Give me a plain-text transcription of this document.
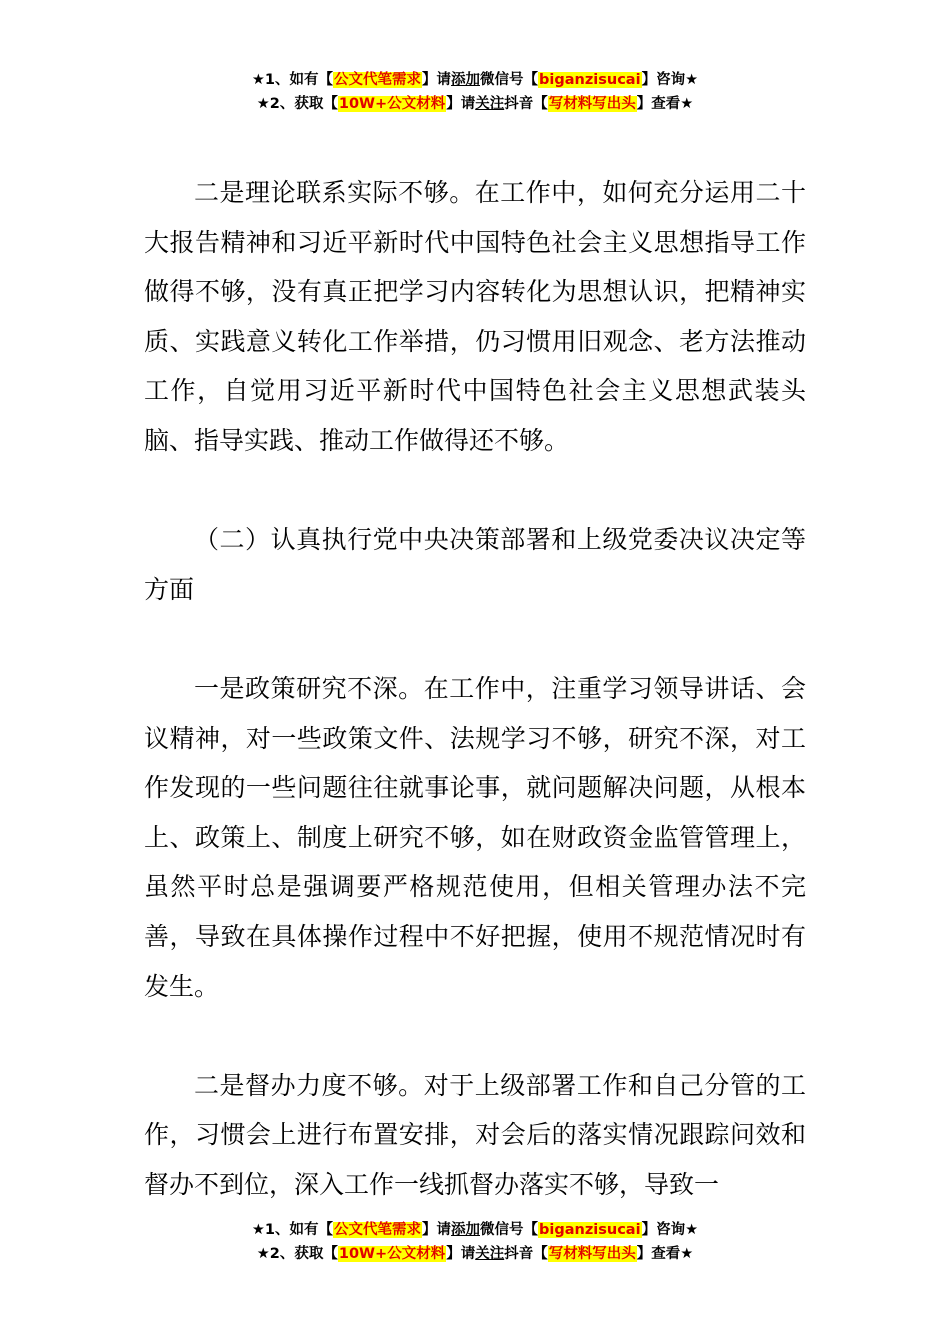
★1、如有【公文代笔需求】请添加微信号【biganzisucai】咨询★
★2、获取【10W+公文材料】请关注抖音【写材料写出头】查看★

二是理论联系实际不够。在工作中，如何充分运用二十大报告精神和习近平新时代中国特色社会主义思想指导工作做得不够，没有真正把学习内容转化为思想认识，把精神实质、实践意义转化工作举措，仍习惯用旧观念、老方法推动工作，自觉用习近平新时代中国特色社会主义思想武装头脑、指导实践、推动工作做得还不够。

（二）认真执行党中央决策部署和上级党委决议决定等方面

一是政策研究不深。在工作中，注重学习领导讲话、会议精神，对一些政策文件、法规学习不够，研究不深，对工作发现的一些问题往往就事论事，就问题解决问题，从根本上、政策上、制度上研究不够，如在财政资金监管管理上，虽然平时总是强调要严格规范使用，但相关管理办法不完善，导致在具体操作过程中不好把握，使用不规范情况时有发生。

二是督办力度不够。对于上级部署工作和自己分管的工作，习惯会上进行布置安排，对会后的落实情况跟踪问效和督办不到位，深入工作一线抓督办落实不够，导致一

★1、如有【公文代笔需求】请添加微信号【biganzisucai】咨询★
★2、获取【10W+公文材料】请关注抖音【写材料写出头】查看★
